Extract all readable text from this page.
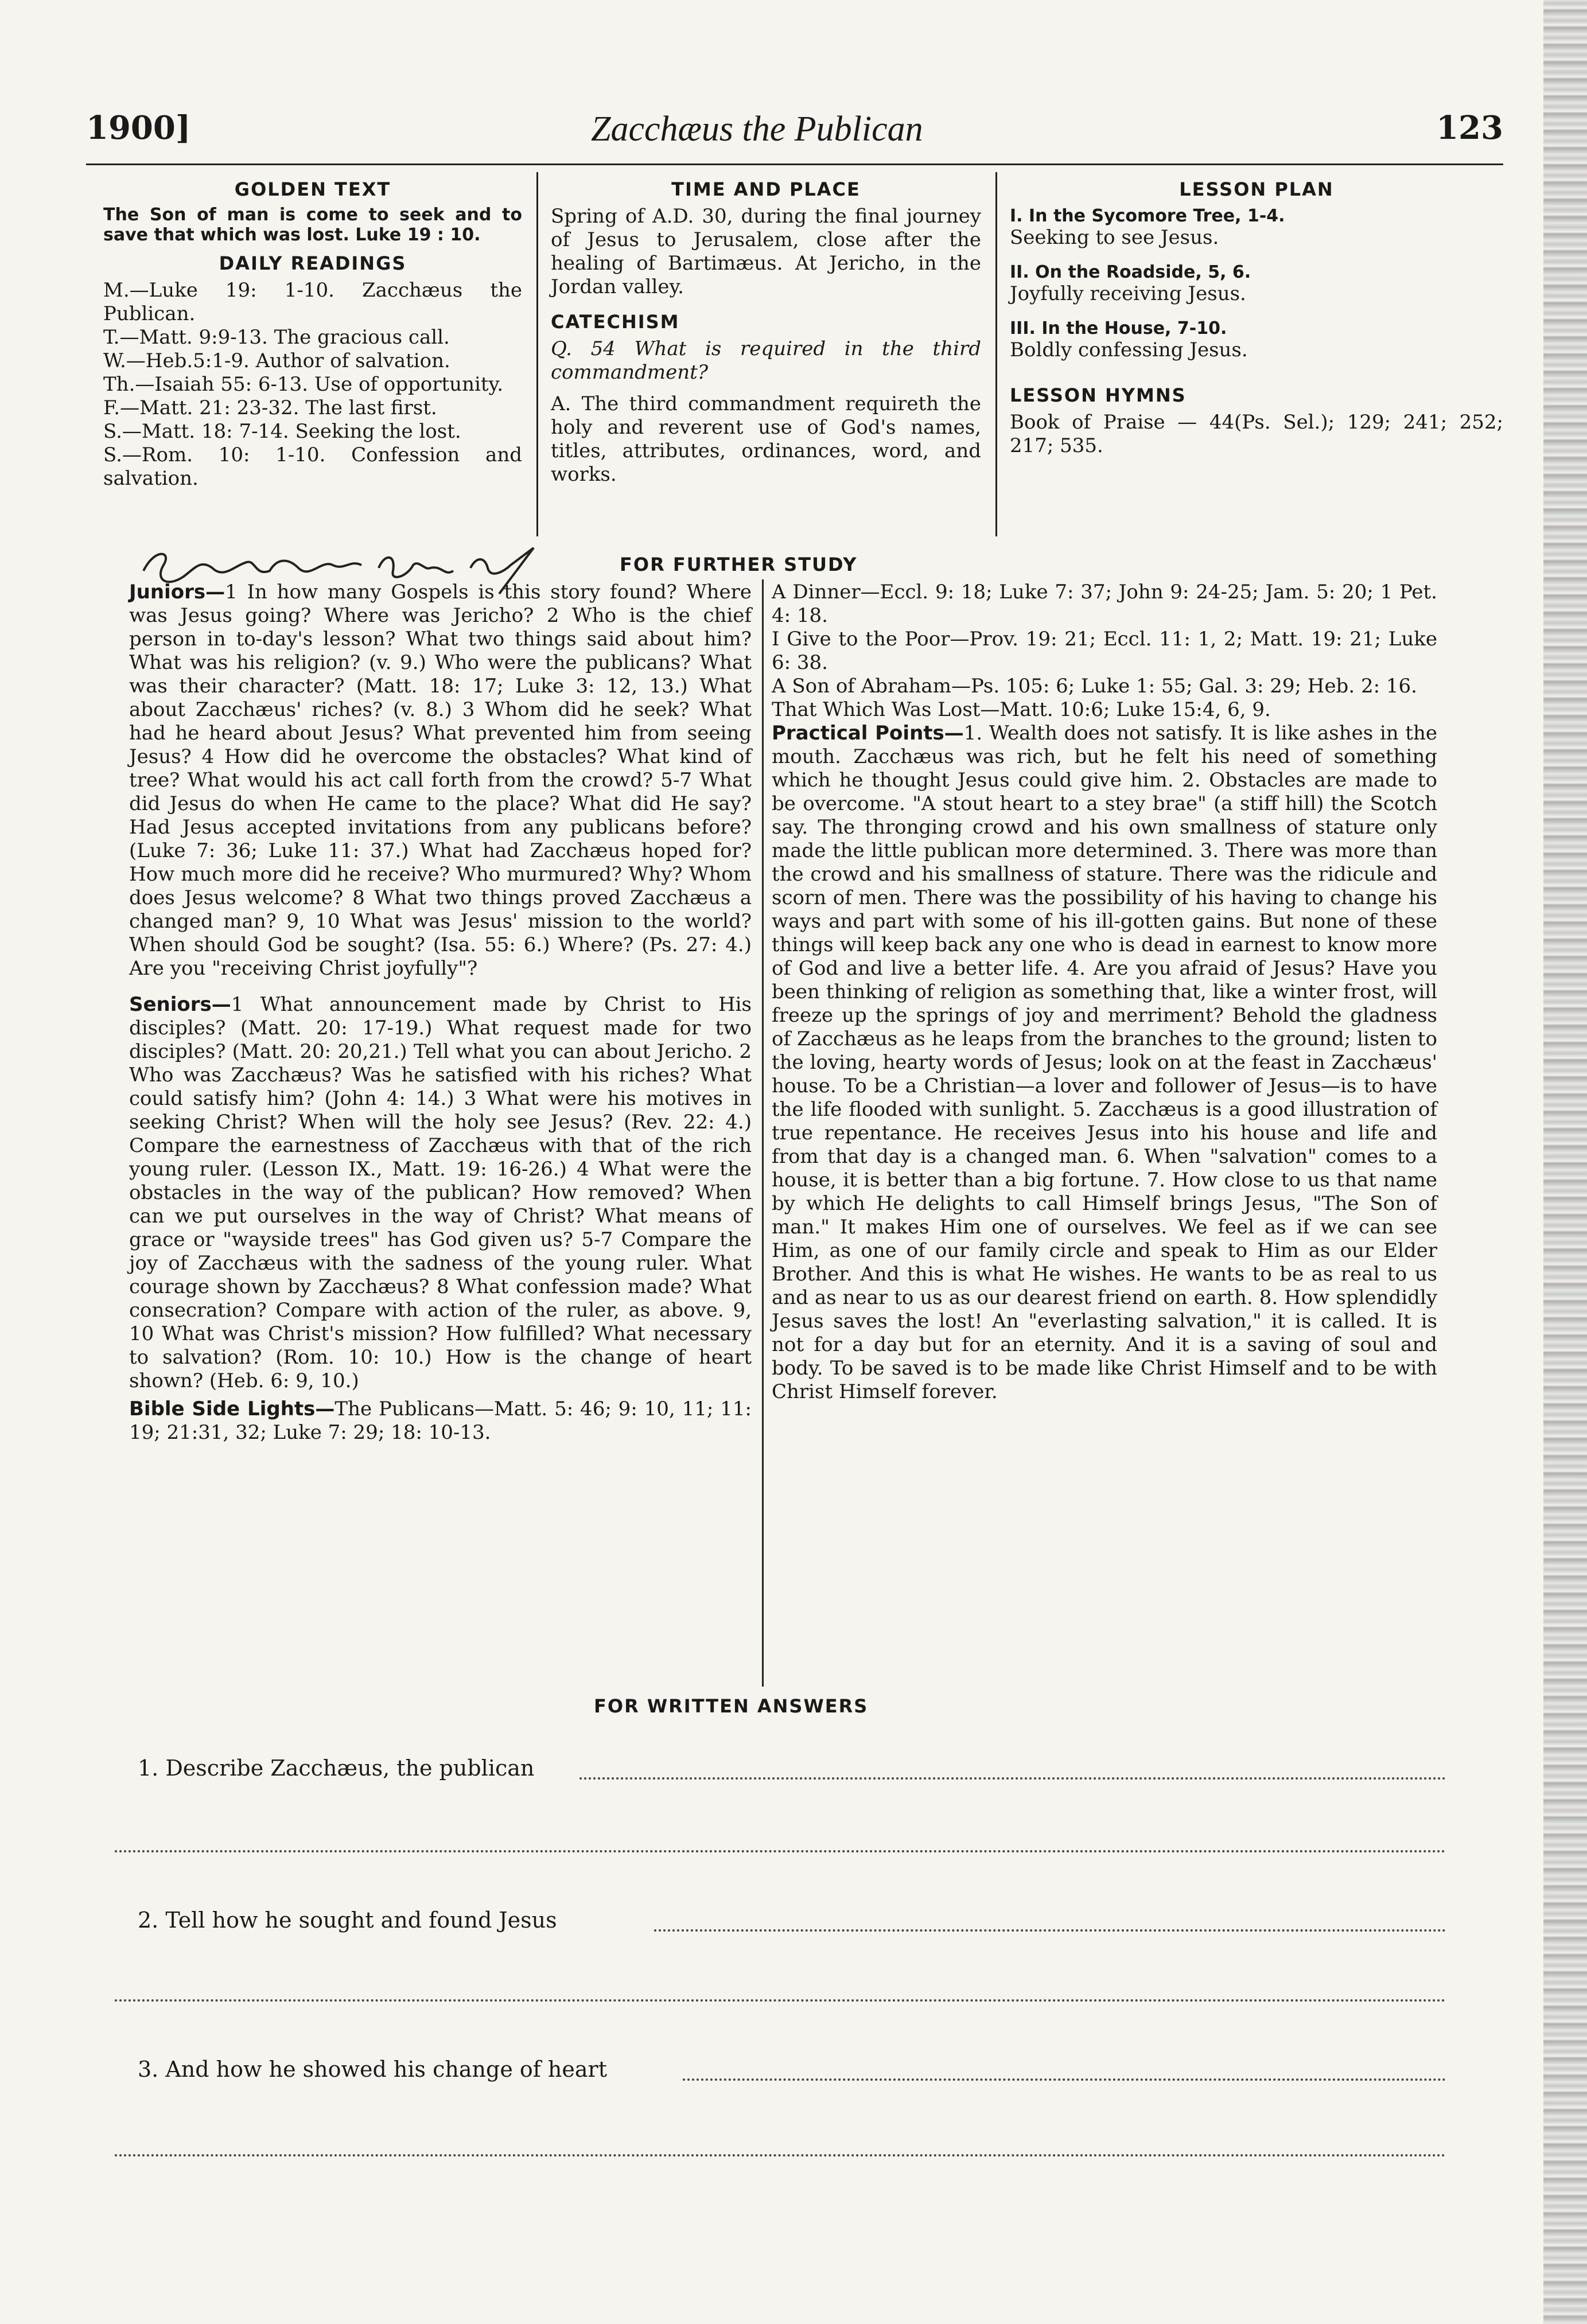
1900]	Zacchæus the Publican	123

GOLDEN TEXT

The Son of man is come to seek and to save that which was lost. Luke 19 : 10.

DAILY READINGS

M.—Luke 19: 1-10. Zacchæus the Publican.

T.—Matt. 9:9-13. The gracious call.

W.—Heb.5:1-9. Author of salvation.

Th.—Isaiah 55: 6-13. Use of opportunity.

F.—Matt. 21: 23-32. The last first.

S.—Matt. 18: 7-14. Seeking the lost.

S.—Rom. 10: 1-10. Confession and salvation.

TIME AND PLACE

Spring of A.D. 30, during the final journey of Jesus to Jerusalem, close after the healing of Bartimæus. At Jericho, in the Jordan valley.

CATECHISM

Q. 54 What is required in the third commandment?

A. The third commandment requireth the holy and reverent use of God's names, titles, attributes, ordinances, word, and works.

LESSON PLAN

I. In the Sycomore Tree, 1-4.

Seeking to see Jesus.

II. On the Roadside, 5, 6.

Joyfully receiving Jesus.

III. In the House, 7-10.

Boldly confessing Jesus.

LESSON HYMNS

Book of Praise — 44(Ps. Sel.); 129; 241; 252; 217; 535.

FOR FURTHER STUDY

Juniors—1 In how many Gospels is this story found? Where was Jesus going? Where was Jericho? 2 Who is the chief person in to-day's lesson? What two things said about him? What was his religion? (v. 9.) Who were the publicans? What was their character? (Matt. 18: 17; Luke 3: 12, 13.) What about Zacchæus' riches? (v. 8.) 3 Whom did he seek? What had he heard about Jesus? What prevented him from seeing Jesus? 4 How did he overcome the obstacles? What kind of tree? What would his act call forth from the crowd? 5-7 What did Jesus do when He came to the place? What did He say? Had Jesus accepted invitations from any publicans before? (Luke 7: 36; Luke 11: 37.) What had Zacchæus hoped for? How much more did he receive? Who murmured? Why? Whom does Jesus welcome? 8 What two things proved Zacchæus a changed man? 9, 10 What was Jesus' mission to the world? When should God be sought? (Isa. 55: 6.) Where? (Ps. 27: 4.) Are you "receiving Christ joyfully"?

Seniors—1 What announcement made by Christ to His disciples? (Matt. 20: 17-19.) What request made for two disciples? (Matt. 20: 20,21.) Tell what you can about Jericho. 2 Who was Zacchæus? Was he satisfied with his riches? What could satisfy him? (John 4: 14.) 3 What were his motives in seeking Christ? When will the holy see Jesus? (Rev. 22: 4.) Compare the earnestness of Zacchæus with that of the rich young ruler. (Lesson IX., Matt. 19: 16-26.) 4 What were the obstacles in the way of the publican? How removed? When can we put ourselves in the way of Christ? What means of grace or "wayside trees" has God given us? 5-7 Compare the joy of Zacchæus with the sadness of the young ruler. What courage shown by Zacchæus? 8 What confession made? What consecration? Compare with action of the ruler, as above. 9, 10 What was Christ's mission? How fulfilled? What necessary to salvation? (Rom. 10: 10.) How is the change of heart shown? (Heb. 6: 9, 10.)

Bible Side Lights—The Publicans—Matt. 5: 46; 9: 10, 11; 11: 19; 21:31, 32; Luke 7: 29; 18: 10-13.

A Dinner—Eccl. 9: 18; Luke 7: 37; John 9: 24-25; Jam. 5: 20; 1 Pet. 4: 18.

I Give to the Poor—Prov. 19: 21; Eccl. 11: 1, 2; Matt. 19: 21; Luke 6: 38.

A Son of Abraham—Ps. 105: 6; Luke 1: 55; Gal. 3: 29; Heb. 2: 16.

That Which Was Lost—Matt. 10:6; Luke 15:4, 6, 9.

Practical Points—1. Wealth does not satisfy. It is like ashes in the mouth. Zacchæus was rich, but he felt his need of something which he thought Jesus could give him. 2. Obstacles are made to be overcome. "A stout heart to a stey brae" (a stiff hill) the Scotch say. The thronging crowd and his own smallness of stature only made the little publican more determined. 3. There was more than the crowd and his smallness of stature. There was the ridicule and scorn of men. There was the possibility of his having to change his ways and part with some of his ill-gotten gains. But none of these things will keep back any one who is dead in earnest to know more of God and live a better life. 4. Are you afraid of Jesus? Have you been thinking of religion as something that, like a winter frost, will freeze up the springs of joy and merriment? Behold the gladness of Zacchæus as he leaps from the branches to the ground; listen to the loving, hearty words of Jesus; look on at the feast in Zacchæus' house. To be a Christian—a lover and follower of Jesus—is to have the life flooded with sunlight. 5. Zacchæus is a good illustration of true repentance. He receives Jesus into his house and life and from that day is a changed man. 6. When "salvation" comes to a house, it is better than a big fortune. 7. How close to us that name by which He delights to call Himself brings Jesus, "The Son of man." It makes Him one of ourselves. We feel as if we can see Him, as one of our family circle and speak to Him as our Elder Brother. And this is what He wishes. He wants to be as real to us and as near to us as our dearest friend on earth. 8. How splendidly Jesus saves the lost! An "everlasting salvation," it is called. It is not for a day but for an eternity. And it is a saving of soul and body. To be saved is to be made like Christ Himself and to be with Christ Himself forever.

FOR WRITTEN ANSWERS
1. Describe Zacchæus, the publican
2. Tell how he sought and found Jesus
3. And how he showed his change of heart
